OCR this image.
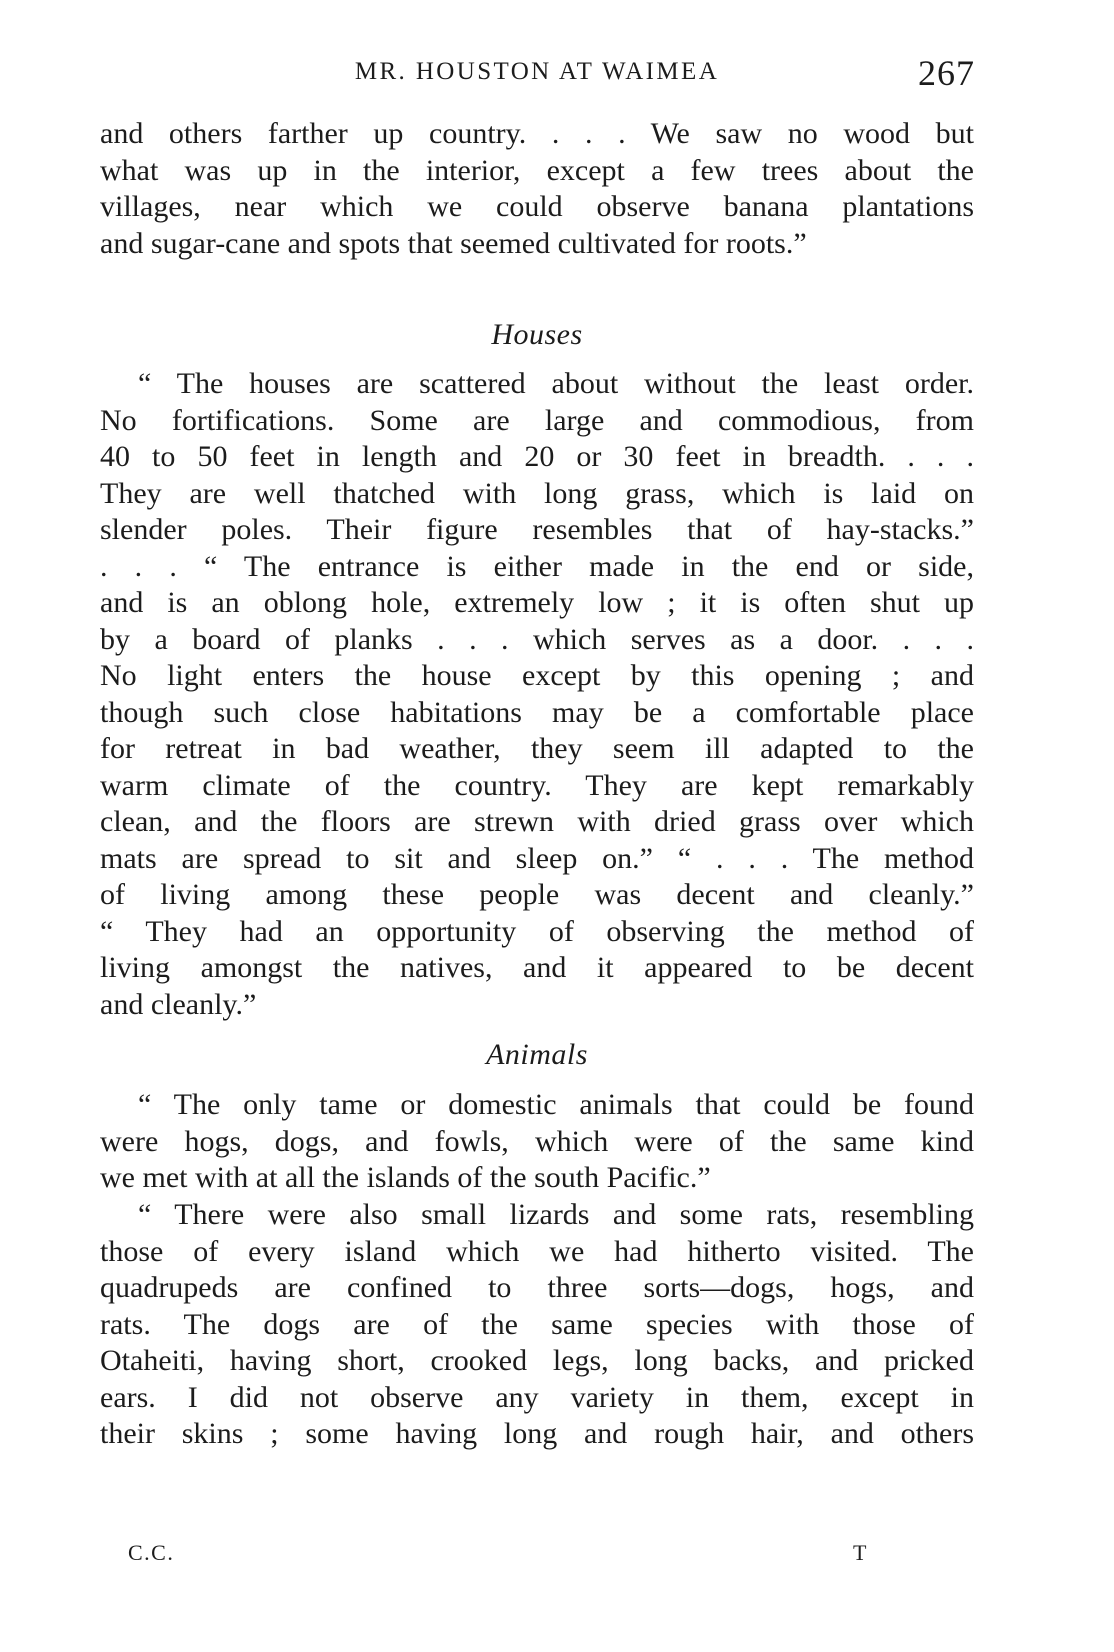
MR. HOUSTON AT WAIMEA	267
and others farther up country. . . . We saw no wood but
what was up in the interior, except a few trees about the
villages, near which we could observe banana plantations
and sugar-cane and spots that seemed cultivated for roots.”
Houses
“ The houses are scattered about without the least order.
No fortifications. Some are large and commodious, from
40 to 50 feet in length and 20 or 30 feet in breadth. . . .
They are well thatched with long grass, which is laid on
slender poles. Their figure resembles that of hay-stacks.”
. . . “ The entrance is either made in the end or side,
and is an oblong hole, extremely low ; it is often shut up
by a board of planks . . . which serves as a door. . . .
No light enters the house except by this opening ; and
though such close habitations may be a comfortable place
for retreat in bad weather, they seem ill adapted to the
warm climate of the country. They are kept remarkably
clean, and the floors are strewn with dried grass over which
mats are spread to sit and sleep on.” “ . . . The method
of living among these people was decent and cleanly.”
“ They had an opportunity of observing the method of
living amongst the natives, and it appeared to be decent
and cleanly.”
Animals
“ The only tame or domestic animals that could be found
were hogs, dogs, and fowls, which were of the same kind
we met with at all the islands of the south Pacific.”
“ There were also small lizards and some rats, resembling
those of every island which we had hitherto visited. The
quadrupeds are confined to three sorts—dogs, hogs, and
rats. The dogs are of the same species with those of
Otaheiti, having short, crooked legs, long backs, and pricked
ears. I did not observe any variety in them, except in
their skins ; some having long and rough hair, and others
C.C.	T
